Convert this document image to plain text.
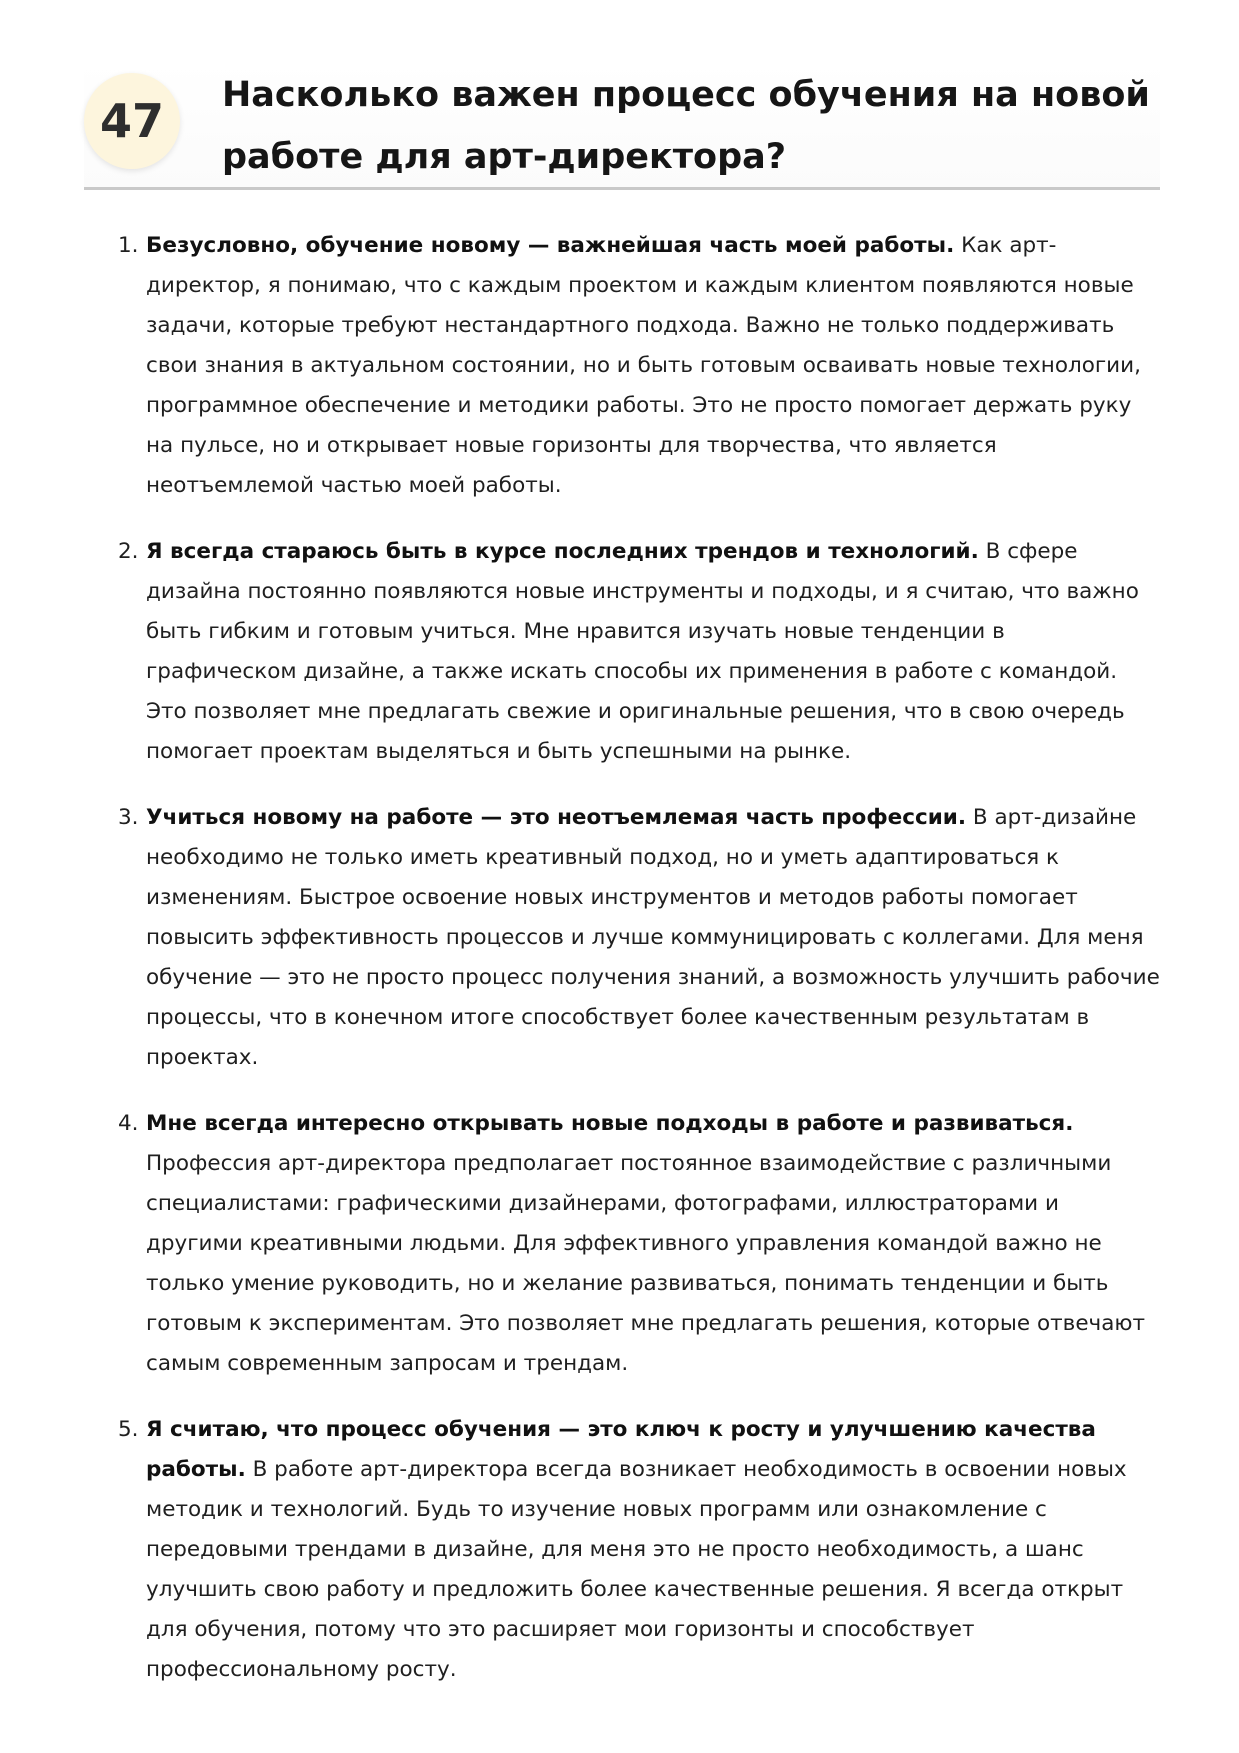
47	Насколько важен процесс обучения на новой работе для арт-директора?
1. Безусловно, обучение новому — важнейшая часть моей работы. Как арт-директор, я понимаю, что с каждым проектом и каждым клиентом появляются новые задачи, которые требуют нестандартного подхода. Важно не только поддерживать свои знания в актуальном состоянии, но и быть готовым осваивать новые технологии, программное обеспечение и методики работы. Это не просто помогает держать руку на пульсе, но и открывает новые горизонты для творчества, что является неотъемлемой частью моей работы.
2. Я всегда стараюсь быть в курсе последних трендов и технологий. В сфере дизайна постоянно появляются новые инструменты и подходы, и я считаю, что важно быть гибким и готовым учиться. Мне нравится изучать новые тенденции в графическом дизайне, а также искать способы их применения в работе с командой. Это позволяет мне предлагать свежие и оригинальные решения, что в свою очередь помогает проектам выделяться и быть успешными на рынке.
3. Учиться новому на работе — это неотъемлемая часть профессии. В арт-дизайне необходимо не только иметь креативный подход, но и уметь адаптироваться к изменениям. Быстрое освоение новых инструментов и методов работы помогает повысить эффективность процессов и лучше коммуницировать с коллегами. Для меня обучение — это не просто процесс получения знаний, а возможность улучшить рабочие процессы, что в конечном итоге способствует более качественным результатам в проектах.
4. Мне всегда интересно открывать новые подходы в работе и развиваться. Профессия арт-директора предполагает постоянное взаимодействие с различными специалистами: графическими дизайнерами, фотографами, иллюстраторами и другими креативными людьми. Для эффективного управления командой важно не только умение руководить, но и желание развиваться, понимать тенденции и быть готовым к экспериментам. Это позволяет мне предлагать решения, которые отвечают самым современным запросам и трендам.
5. Я считаю, что процесс обучения — это ключ к росту и улучшению качества работы. В работе арт-директора всегда возникает необходимость в освоении новых методик и технологий. Будь то изучение новых программ или ознакомление с передовыми трендами в дизайне, для меня это не просто необходимость, а шанс улучшить свою работу и предложить более качественные решения. Я всегда открыт для обучения, потому что это расширяет мои горизонты и способствует профессиональному росту.
